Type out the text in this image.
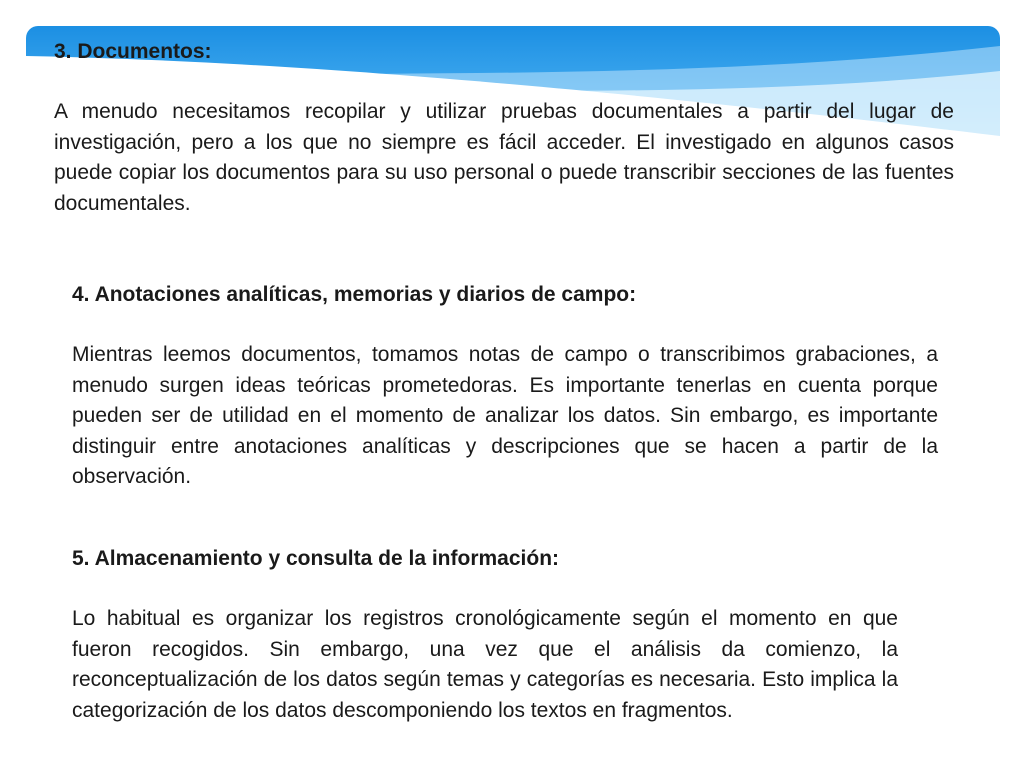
3. Documentos:

A menudo necesitamos recopilar y utilizar pruebas documentales a partir del lugar de investigación, pero a los que no siempre es fácil acceder. El investigado en algunos casos puede copiar los documentos para su uso personal o puede transcribir secciones de las fuentes documentales.

4. Anotaciones analíticas, memorias y diarios de campo:

Mientras leemos documentos, tomamos notas de campo o transcribimos grabaciones, a menudo surgen ideas teóricas prometedoras. Es importante tenerlas en cuenta porque pueden ser de utilidad en el momento de analizar los datos. Sin embargo, es importante distinguir entre anotaciones analíticas y descripciones que se hacen a partir de la observación.

5. Almacenamiento y consulta de la información:

Lo habitual es organizar los registros cronológicamente según el momento en que fueron recogidos. Sin embargo, una vez que el análisis da comienzo, la reconceptualización de los datos según temas y categorías es necesaria. Esto implica la categorización de los datos descomponiendo los textos en fragmentos.
